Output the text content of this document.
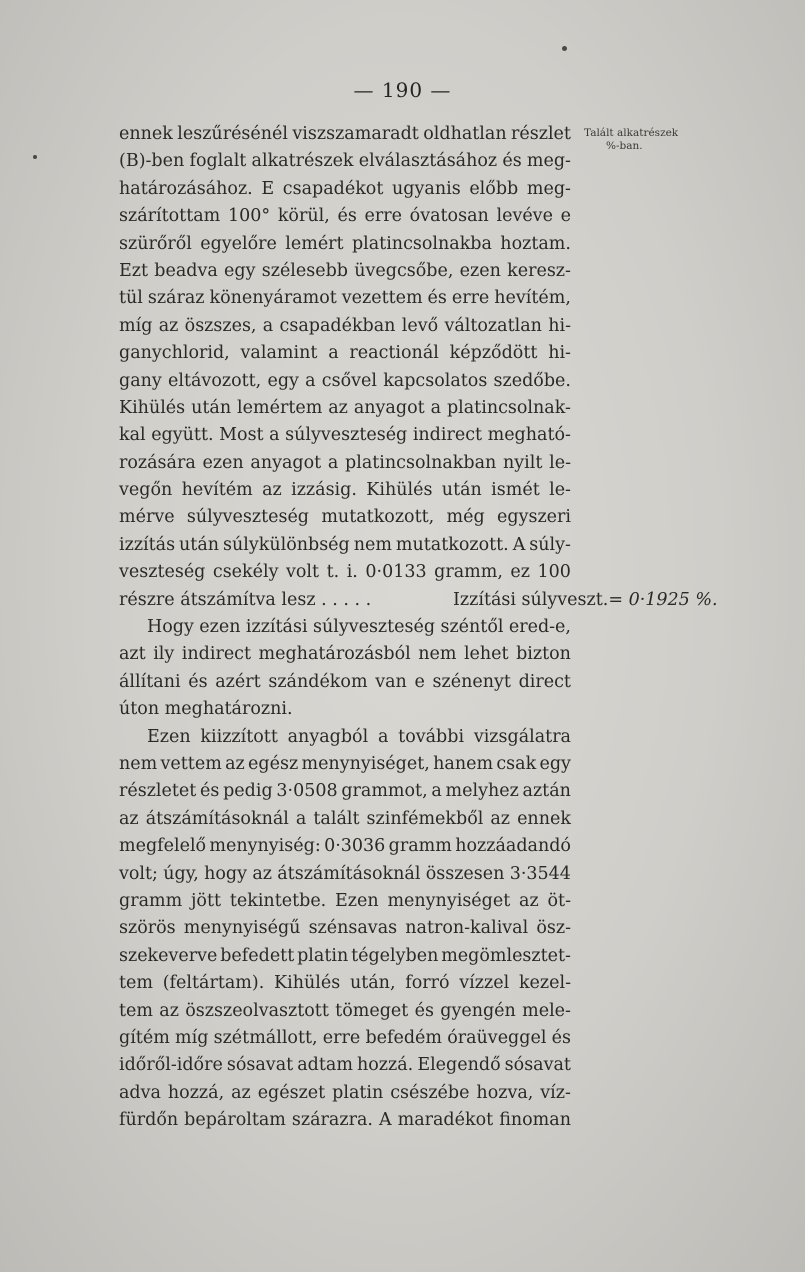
— 190 —
Talált alkatrészek
%-ban.
ennek leszűrésénél viszszamaradt oldhatlan részlet
(B)-ben foglalt alkatrészek elválasztásához és meg-
határozásához. E csapadékot ugyanis előbb meg-
szárítottam 100° körül, és erre óvatosan levéve e
szürőről egyelőre lemért platincsolnakba hoztam.
Ezt beadva egy szélesebb üvegcsőbe, ezen keresz-
tül száraz könenyáramot vezettem és erre hevítém,
míg az öszszes, a csapadékban levő változatlan hi-
ganychlorid, valamint a reactionál képződött hi-
gany eltávozott, egy a csővel kapcsolatos szedőbe.
Kihülés után lemértem az anyagot a platincsolnak-
kal együtt. Most a súlyveszteség indirect megható-
rozására ezen anyagot a platincsolnakban nyilt le-
vegőn hevítém az izzásig. Kihülés után ismét le-
mérve súlyveszteség mutatkozott, még egyszeri
izzítás után súlykülönbség nem mutatkozott. A súly-
veszteség csekély volt t. i. 0·0133 gramm, ez 100
részre átszámítva lesz . . . . .	Izzítási súlyveszt.= 0·1925 %.
Hogy ezen izzítási súlyveszteség széntől ered-e,
azt ily indirect meghatározásból nem lehet bizton
állítani és azért szándékom van e szénenyt direct
úton meghatározni.
Ezen kiizzított anyagból a további vizsgálatra
nem vettem az egész menynyiséget, hanem csak egy
részletet és pedig 3·0508 grammot, a melyhez aztán
az átszámításoknál a talált szinfémekből az ennek
megfelelő menynyiség: 0·3036 gramm hozzáadandó
volt; úgy, hogy az átszámításoknál összesen 3·3544
gramm jött tekintetbe. Ezen menynyiséget az öt-
szörös menynyiségű szénsavas natron-kalival ösz-
szekeverve befedett platin tégelyben megömlesztet-
tem (feltártam). Kihülés után, forró vízzel kezel-
tem az öszszeolvasztott tömeget és gyengén mele-
gítém míg szétmállott, erre befedém óraüveggel és
időről-időre sósavat adtam hozzá. Elegendő sósavat
adva hozzá, az egészet platin csészébe hozva, víz-
fürdőn bepároltam szárazra. A maradékot finoman
